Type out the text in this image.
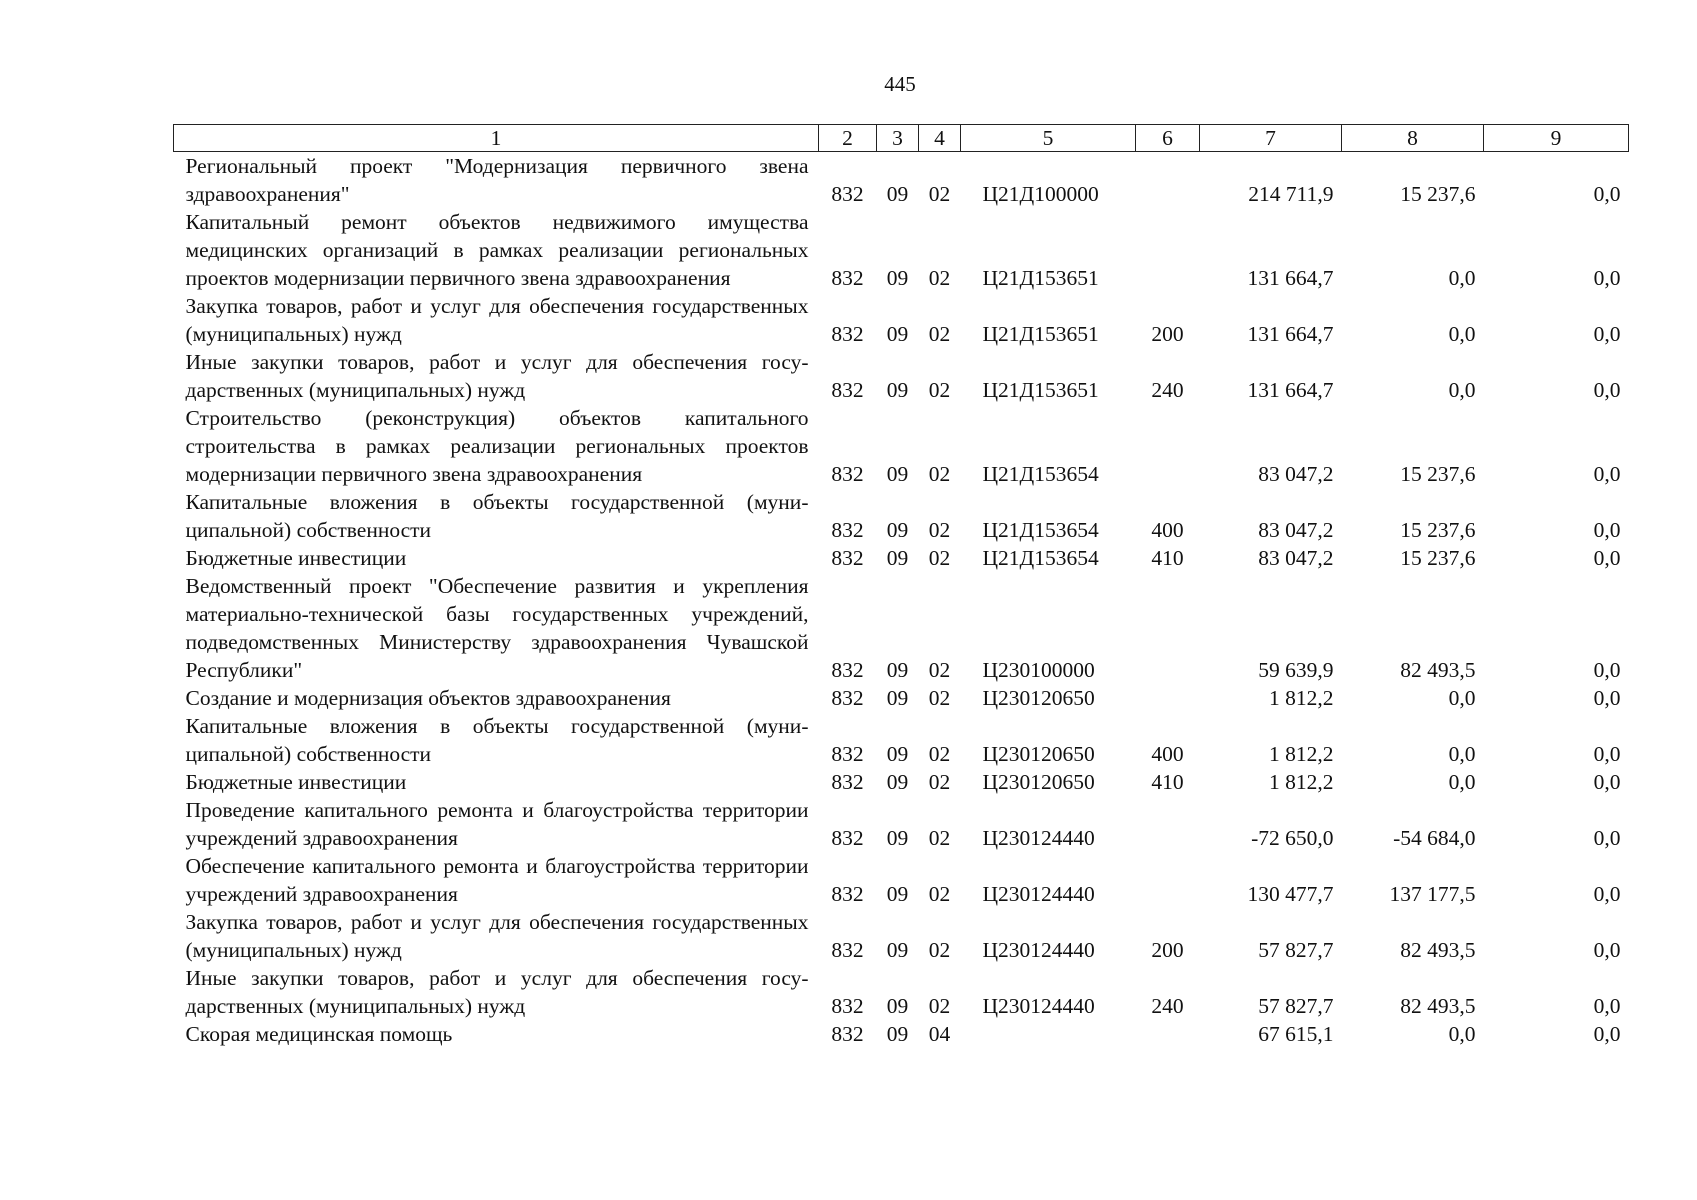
445
1	2	3	4	5	6	7	8	9
Региональный проект "Модернизация первичного звена здравоохранения"	832	09	02	Ц21Д100000		214 711,9	15 237,6	0,0
Капитальный ремонт объектов недвижимого имущества медицинских организаций в рамках реализации региональных проектов модернизации первичного звена здравоохранения	832	09	02	Ц21Д153651		131 664,7	0,0	0,0
Закупка товаров, работ и услуг для обеспечения государственных (муниципальных) нужд	832	09	02	Ц21Д153651	200	131 664,7	0,0	0,0
Иные закупки товаров, работ и услуг для обеспечения государственных (муниципальных) нужд	832	09	02	Ц21Д153651	240	131 664,7	0,0	0,0
Строительство (реконструкция) объектов капитального строительства в рамках реализации региональных проектов модернизации первичного звена здравоохранения	832	09	02	Ц21Д153654		83 047,2	15 237,6	0,0
Капитальные вложения в объекты государственной (муниципальной) собственности	832	09	02	Ц21Д153654	400	83 047,2	15 237,6	0,0
Бюджетные инвестиции	832	09	02	Ц21Д153654	410	83 047,2	15 237,6	0,0
Ведомственный проект "Обеспечение развития и укрепления материально-технической базы государственных учреждений, подведомственных Министерству здравоохранения Чувашской Республики"	832	09	02	Ц230100000		59 639,9	82 493,5	0,0
Создание и модернизация объектов здравоохранения	832	09	02	Ц230120650		1 812,2	0,0	0,0
Капитальные вложения в объекты государственной (муниципальной) собственности	832	09	02	Ц230120650	400	1 812,2	0,0	0,0
Бюджетные инвестиции	832	09	02	Ц230120650	410	1 812,2	0,0	0,0
Проведение капитального ремонта и благоустройства территории учреждений здравоохранения	832	09	02	Ц230124440		-72 650,0	-54 684,0	0,0
Обеспечение капитального ремонта и благоустройства территории учреждений здравоохранения	832	09	02	Ц230124440		130 477,7	137 177,5	0,0
Закупка товаров, работ и услуг для обеспечения государственных (муниципальных) нужд	832	09	02	Ц230124440	200	57 827,7	82 493,5	0,0
Иные закупки товаров, работ и услуг для обеспечения государственных (муниципальных) нужд	832	09	02	Ц230124440	240	57 827,7	82 493,5	0,0
Скорая медицинская помощь	832	09	04			67 615,1	0,0	0,0
